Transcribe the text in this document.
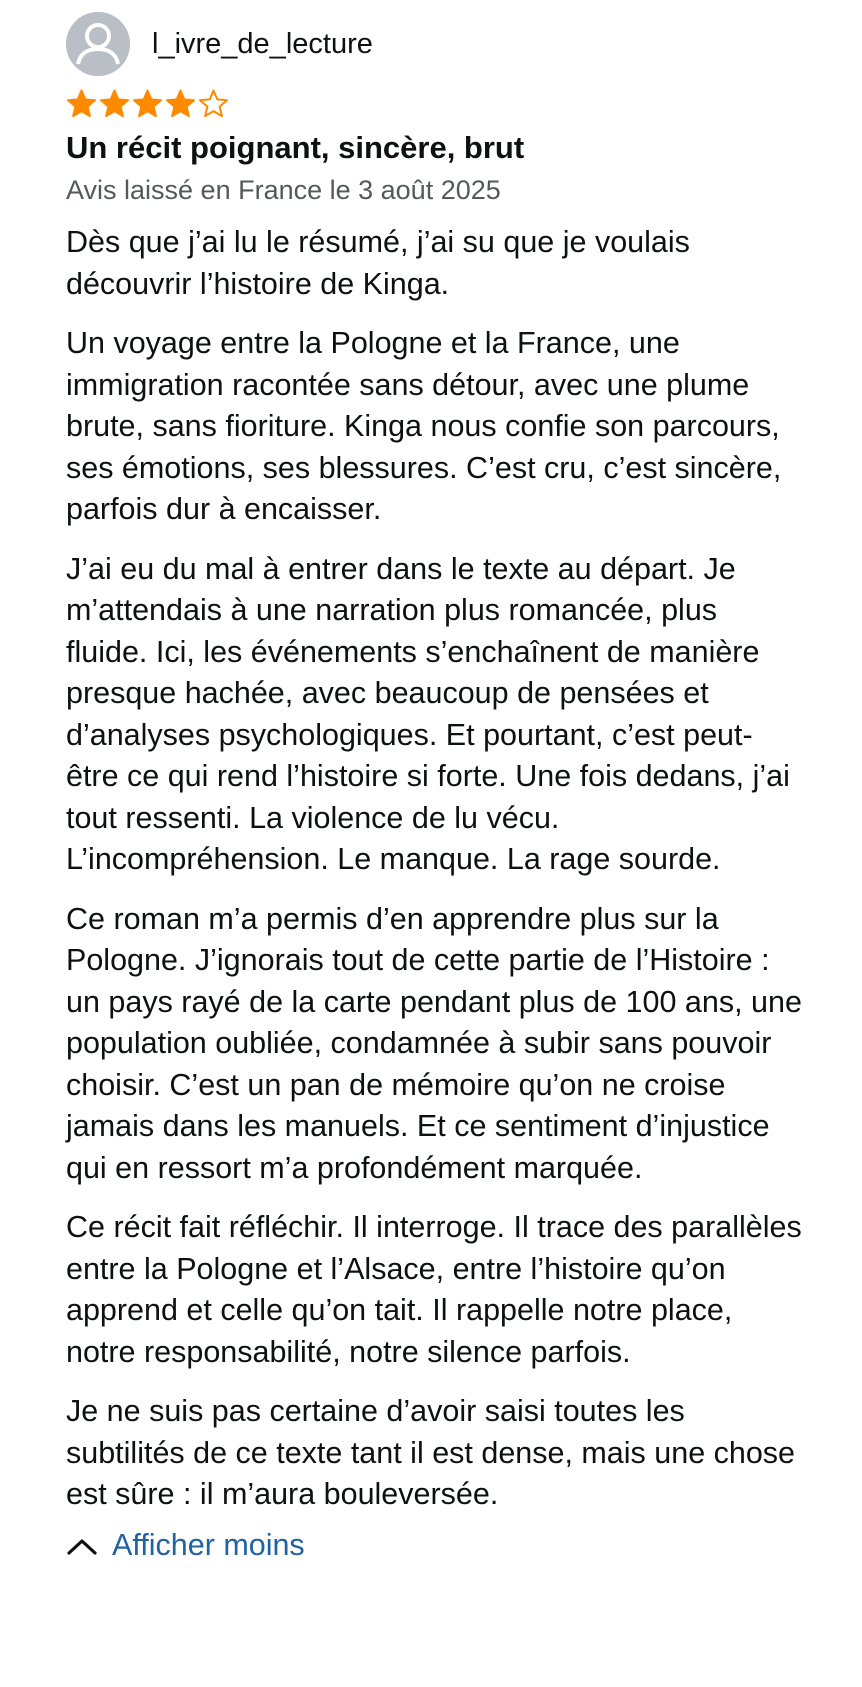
l_ivre_de_lecture
Un récit poignant, sincère, brut
Avis laissé en France le 3 août 2025

Dès que j’ai lu le résumé, j’ai su que je voulais découvrir l’histoire de Kinga.

Un voyage entre la Pologne et la France, une immigration racontée sans détour, avec une plume brute, sans fioriture. Kinga nous confie son parcours, ses émotions, ses blessures. C’est cru, c’est sincère, parfois dur à encaisser.

J’ai eu du mal à entrer dans le texte au départ. Je m’attendais à une narration plus romancée, plus fluide. Ici, les événements s’enchaînent de manière presque hachée, avec beaucoup de pensées et d’analyses psychologiques. Et pourtant, c’est peut-être ce qui rend l’histoire si forte. Une fois dedans, j’ai tout ressenti. La violence de lu vécu. L’incompréhension. Le manque. La rage sourde.

Ce roman m’a permis d’en apprendre plus sur la Pologne. J’ignorais tout de cette partie de l’Histoire : un pays rayé de la carte pendant plus de 100 ans, une population oubliée, condamnée à subir sans pouvoir choisir. C’est un pan de mémoire qu’on ne croise jamais dans les manuels. Et ce sentiment d’injustice qui en ressort m’a profondément marquée.

Ce récit fait réfléchir. Il interroge. Il trace des parallèles entre la Pologne et l’Alsace, entre l’histoire qu’on apprend et celle qu’on tait. Il rappelle notre place, notre responsabilité, notre silence parfois.

Je ne suis pas certaine d’avoir saisi toutes les subtilités de ce texte tant il est dense, mais une chose est sûre : il m’aura bouleversée.

Afficher moins
